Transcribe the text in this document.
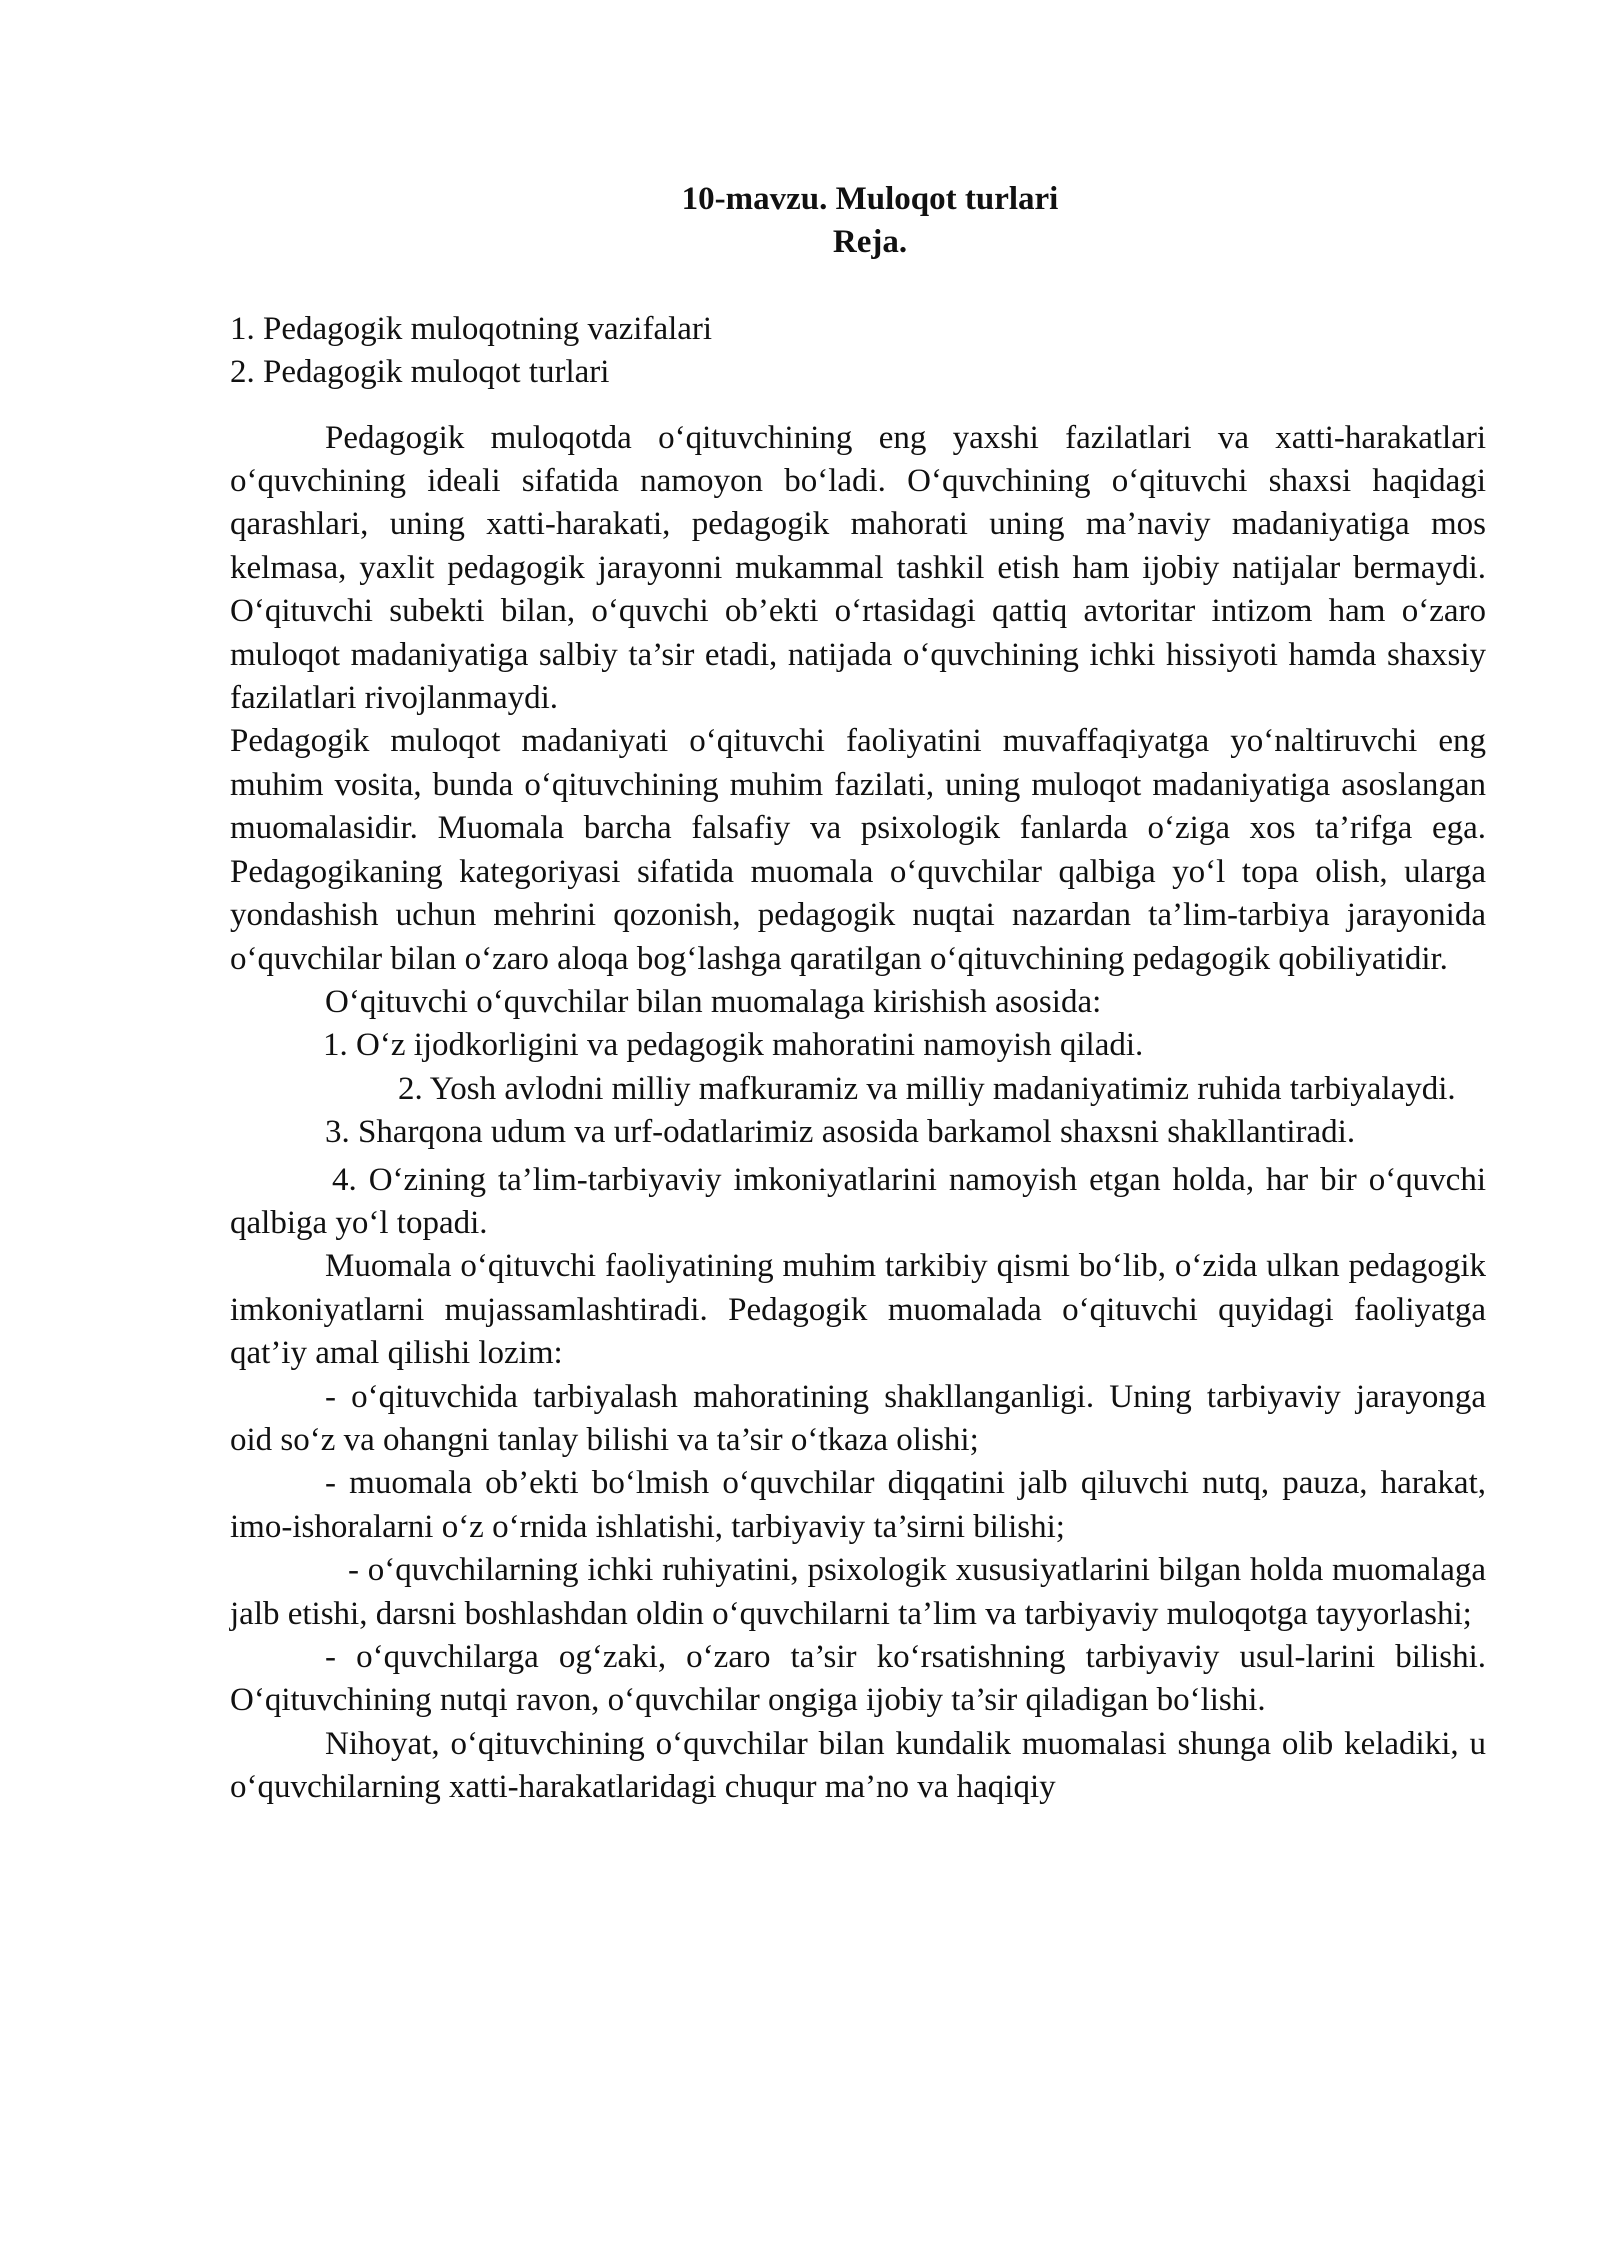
10-mavzu. Muloqot turlari
Reja.

1. Pedagogik muloqotning vazifalari

2. Pedagogik muloqot turlari

Pedagogik muloqotda o‘qituvchining eng yaxshi fazilatlari va xatti-harakatlari o‘quvchining ideali sifatida namoyon bo‘ladi. O‘quvchining o‘qituvchi shaxsi haqidagi qarashlari, uning xatti-harakati, pedagogik mahorati uning ma’naviy madaniyatiga mos kelmasa, yaxlit pedagogik jarayonni mukammal tashkil etish ham ijobiy natijalar bermaydi. O‘qituvchi subekti bilan, o‘quvchi ob’ekti o‘rtasidagi qattiq avtoritar intizom ham o‘zaro muloqot madaniyatiga salbiy ta’sir etadi, natijada o‘quvchining ichki hissiyoti hamda shaxsiy fazilatlari rivojlanmaydi.

Pedagogik muloqot madaniyati o‘qituvchi faoliyatini muvaffaqiyatga yo‘naltiruvchi eng muhim vosita, bunda o‘qituvchining muhim fazilati, uning muloqot madaniyatiga asoslangan muomalasidir. Muomala barcha falsafiy va psixologik fanlarda o‘ziga xos ta’rifga ega. Pedagogikaning kategoriyasi sifatida muomala o‘quvchilar qalbiga yo‘l topa olish, ularga yondashish uchun mehrini qozonish, pedagogik nuqtai nazardan ta’lim-tarbiya jarayonida o‘quvchilar bilan o‘zaro aloqa bog‘lashga qaratilgan o‘qituvchining pedagogik qobiliyatidir.

O‘qituvchi o‘quvchilar bilan muomalaga kirishish asosida:

1. O‘z ijodkorligini va pedagogik mahoratini namoyish qiladi.

2. Yosh avlodni milliy mafkuramiz va milliy madaniyatimiz ruhida tarbiyalaydi.

3. Sharqona udum va urf-odatlarimiz asosida barkamol shaxsni shakllantiradi.

4. O‘zining ta’lim-tarbiyaviy imkoniyatlarini namoyish etgan holda, har bir o‘quvchi qalbiga yo‘l topadi.

Muomala o‘qituvchi faoliyatining muhim tarkibiy qismi bo‘lib, o‘zida ulkan pedagogik imkoniyatlarni mujassamlashtiradi. Pedagogik muomalada o‘qituvchi quyidagi faoliyatga qat’iy amal qilishi lozim:

- o‘qituvchida tarbiyalash mahoratining shakllanganligi. Uning tarbiyaviy jarayonga oid so‘z va ohangni tanlay bilishi va ta’sir o‘tkaza olishi;

- muomala ob’ekti bo‘lmish o‘quvchilar diqqatini jalb qiluvchi nutq, pauza, harakat, imo-ishoralarni o‘z o‘rnida ishlatishi, tarbiyaviy ta’sirni bilishi;

- o‘quvchilarning ichki ruhiyatini, psixologik xususiyatlarini bilgan holda muomalaga jalb etishi, darsni boshlashdan oldin o‘quvchilarni ta’lim va tarbiyaviy muloqotga tayyorlashi;

- o‘quvchilarga og‘zaki, o‘zaro ta’sir ko‘rsatishning tarbiyaviy usul-larini bilishi. O‘qituvchining nutqi ravon, o‘quvchilar ongiga ijobiy ta’sir qiladigan bo‘lishi.

Nihoyat, o‘qituvchining o‘quvchilar bilan kundalik muomalasi shunga olib keladiki, u o‘quvchilarning xatti-harakatlaridagi chuqur ma’no va haqiqiy
